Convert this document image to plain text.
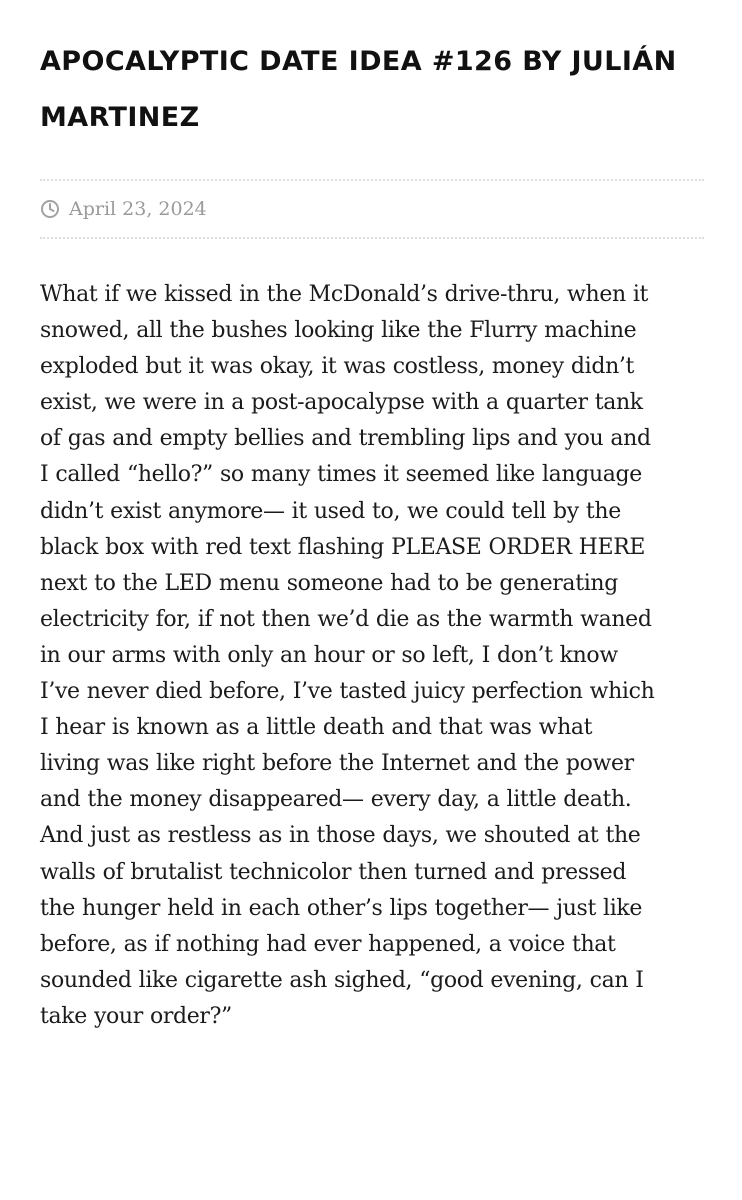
APOCALYPTIC DATE IDEA #126 BY JULIÁN MARTINEZ
April 23, 2024
What if we kissed in the McDonald’s drive-thru, when it
snowed, all the bushes looking like the Flurry machine
exploded but it was okay, it was costless, money didn’t
exist, we were in a post-apocalypse with a quarter tank
of gas and empty bellies and trembling lips and you and
I called “hello?” so many times it seemed like language
didn’t exist anymore— it used to, we could tell by the
black box with red text flashing PLEASE ORDER HERE
next to the LED menu someone had to be generating
electricity for, if not then we’d die as the warmth waned
in our arms with only an hour or so left, I don’t know
I’ve never died before, I’ve tasted juicy perfection which
I hear is known as a little death and that was what
living was like right before the Internet and the power
and the money disappeared— every day, a little death.
And just as restless as in those days, we shouted at the
walls of brutalist technicolor then turned and pressed
the hunger held in each other’s lips together— just like
before, as if nothing had ever happened, a voice that
sounded like cigarette ash sighed, “good evening, can I
take your order?”
